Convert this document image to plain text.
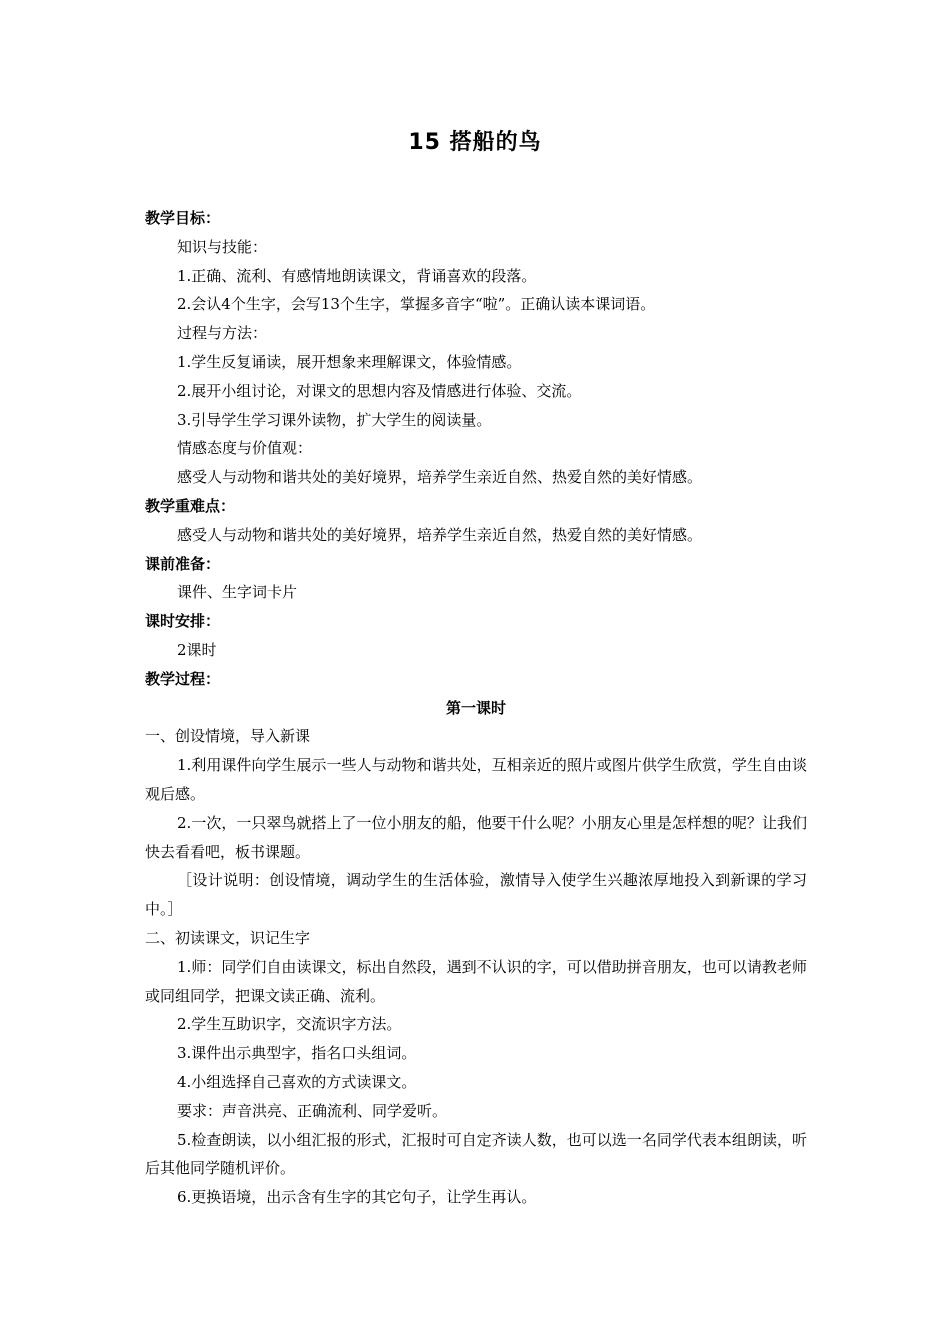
15 搭船的鸟
教学目标：
知识与技能：
1.正确、流利、有感情地朗读课文，背诵喜欢的段落。
2.会认4个生字，会写13个生字，掌握多音字“啦”。正确认读本课词语。
过程与方法：
1.学生反复诵读，展开想象来理解课文，体验情感。
2.展开小组讨论，对课文的思想内容及情感进行体验、交流。
3.引导学生学习课外读物，扩大学生的阅读量。
情感态度与价值观：
感受人与动物和谐共处的美好境界，培养学生亲近自然、热爱自然的美好情感。
教学重难点：
感受人与动物和谐共处的美好境界，培养学生亲近自然，热爱自然的美好情感。
课前准备：
课件、生字词卡片
课时安排：
2课时
教学过程：
第一课时
一、创设情境，导入新课
1.利用课件向学生展示一些人与动物和谐共处，互相亲近的照片或图片供学生欣赏，学生自由谈观后感。
2.一次，一只翠鸟就搭上了一位小朋友的船，他要干什么呢？小朋友心里是怎样想的呢？让我们快去看看吧，板书课题。
［设计说明：创设情境，调动学生的生活体验，激情导入使学生兴趣浓厚地投入到新课的学习中。］
二、初读课文，识记生字
1.师：同学们自由读课文，标出自然段，遇到不认识的字，可以借助拼音朋友，也可以请教老师或同组同学，把课文读正确、流利。
2.学生互助识字，交流识字方法。
3.课件出示典型字，指名口头组词。
4.小组选择自己喜欢的方式读课文。
要求：声音洪亮、正确流利、同学爱听。
5.检查朗读，以小组汇报的形式，汇报时可自定齐读人数，也可以选一名同学代表本组朗读，听后其他同学随机评价。
6.更换语境，出示含有生字的其它句子，让学生再认。
